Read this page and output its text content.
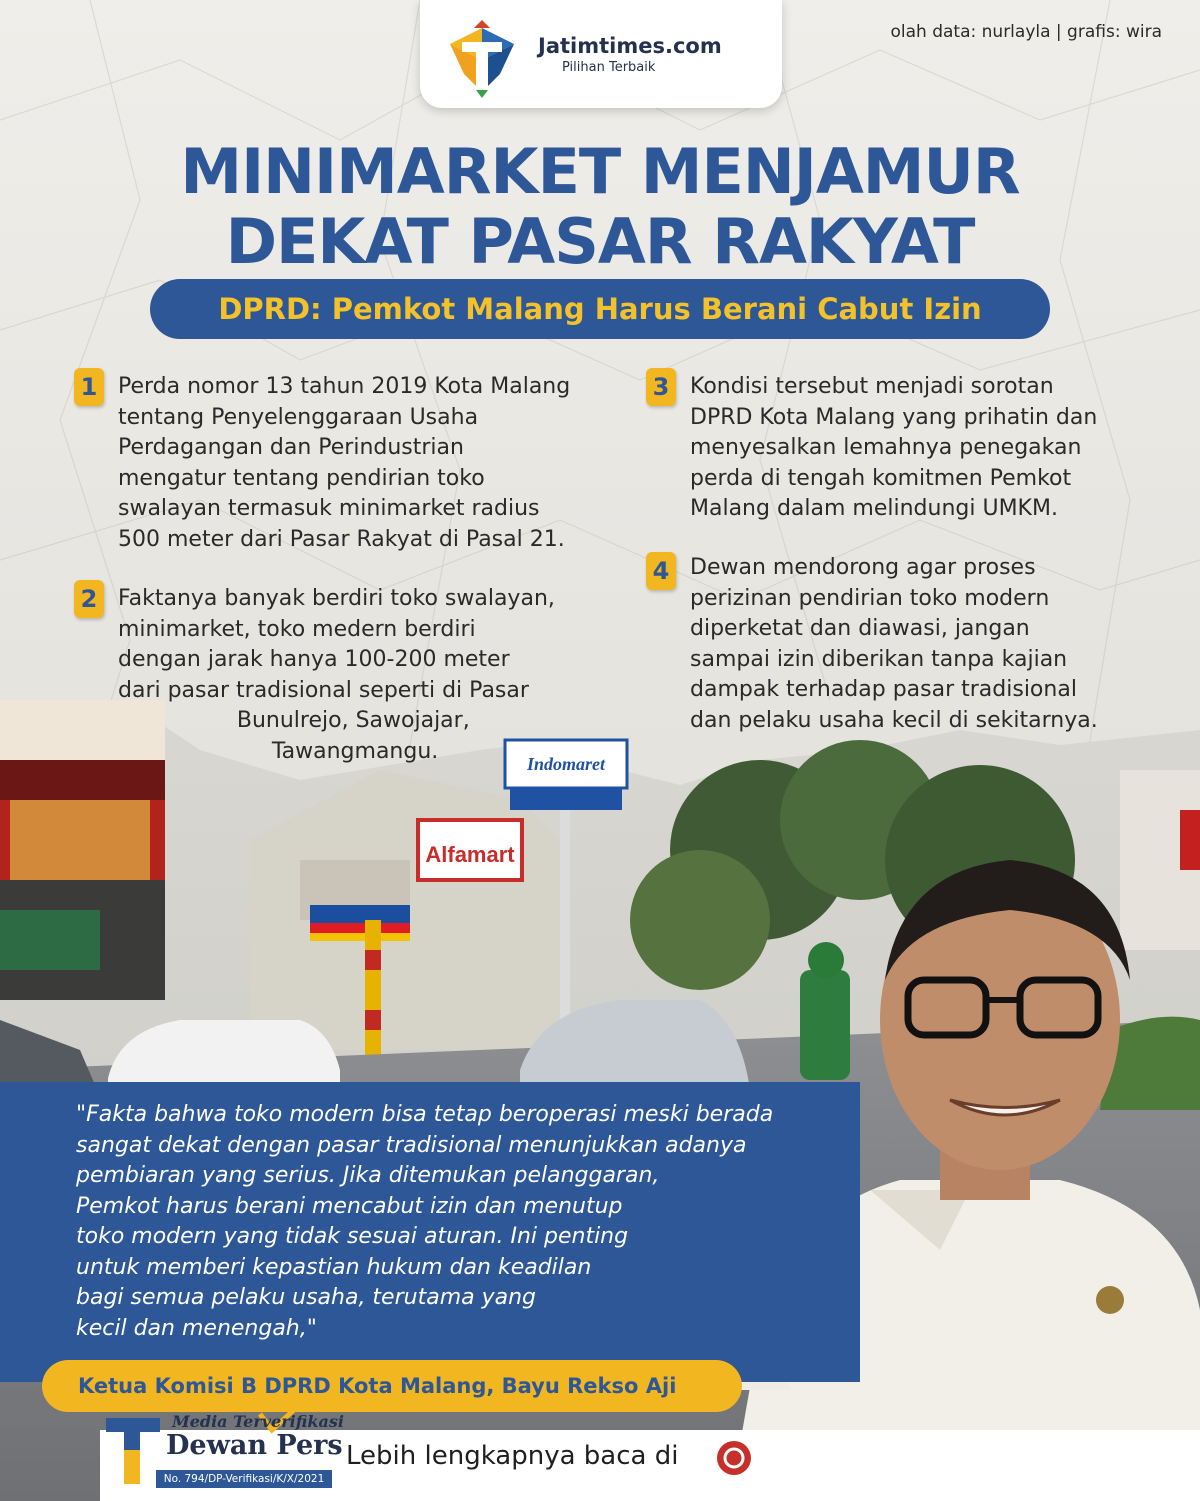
Alfamart
Indomaret
Jatimtimes.com
Pilihan Terbaik
olah data: nurlayla | grafis: wira
MINIMARKET MENJAMUR
DEKAT PASAR RAKYAT
DPRD: Pemkot Malang Harus Berani Cabut Izin
1 Perda nomor 13 tahun 2019 Kota Malang
tentang Penyelenggaraan Usaha
Perdagangan dan Perindustrian
mengatur tentang pendirian toko
swalayan termasuk minimarket radius
500 meter dari Pasar Rakyat di Pasal 21.
2 Faktanya banyak berdiri toko swalayan,
minimarket, toko medern berdiri
dengan jarak hanya 100-200 meter
dari pasar tradisional seperti di Pasar
Bunulrejo, Sawojajar,
Tawangmangu.
3 Kondisi tersebut menjadi sorotan
DPRD Kota Malang yang prihatin dan
menyesalkan lemahnya penegakan
perda di tengah komitmen Pemkot
Malang dalam melindungi UMKM.
4 Dewan mendorong agar proses
perizinan pendirian toko modern
diperketat dan diawasi, jangan
sampai izin diberikan tanpa kajian
dampak terhadap pasar tradisional
dan pelaku usaha kecil di sekitarnya.
"Fakta bahwa toko modern bisa tetap beroperasi meski berada
sangat dekat dengan pasar tradisional menunjukkan adanya
pembiaran yang serius. Jika ditemukan pelanggaran,
Pemkot harus berani mencabut izin dan menutup
toko modern yang tidak sesuai aturan. Ini penting
untuk memberi kepastian hukum dan keadilan
bagi semua pelaku usaha, terutama yang
kecil dan menengah,"
Ketua Komisi B DPRD Kota Malang, Bayu Rekso Aji
Media Terverifikasi
Dewan Pers
No. 794/DP-Verifikasi/K/X/2021
Lebih lengkapnya baca di
